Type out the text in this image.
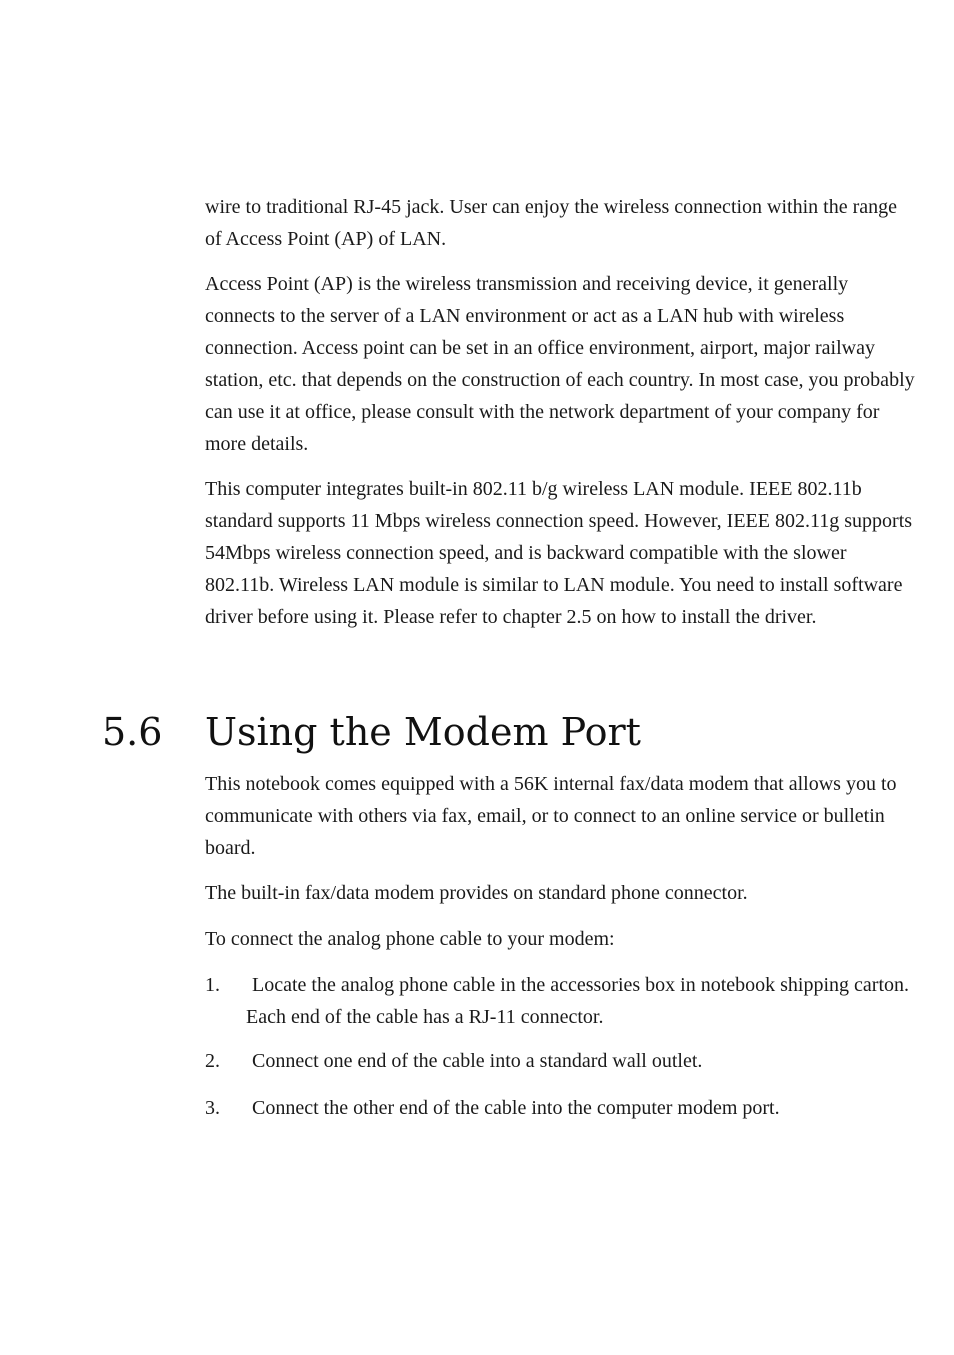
wire to traditional RJ-45 jack. User can enjoy the wireless connection within the range of Access Point (AP) of LAN.

Access Point (AP) is the wireless transmission and receiving device, it generally connects to the server of a LAN environment or act as a LAN hub with wireless connection. Access point can be set in an office environment, airport, major railway station, etc. that depends on the construction of each country. In most case, you probably can use it at office, please consult with the network department of your company for more details.

This computer integrates built-in 802.11 b/g wireless LAN module. IEEE 802.11b standard supports 11 Mbps wireless connection speed. However, IEEE 802.11g supports 54Mbps wireless connection speed, and is backward compatible with the slower 802.11b. Wireless LAN module is similar to LAN module. You need to install software driver before using it. Please refer to chapter 2.5 on how to install the driver.

5.6 Using the Modem Port

This notebook comes equipped with a 56K internal fax/data modem that allows you to communicate with others via fax, email, or to connect to an online service or bulletin board.

The built-in fax/data modem provides on standard phone connector.

To connect the analog phone cable to your modem:

1.	Locate the analog phone cable in the accessories box in notebook shipping carton. Each end of the cable has a RJ-11 connector.
2.	Connect one end of the cable into a standard wall outlet.
3.	Connect the other end of the cable into the computer modem port.
